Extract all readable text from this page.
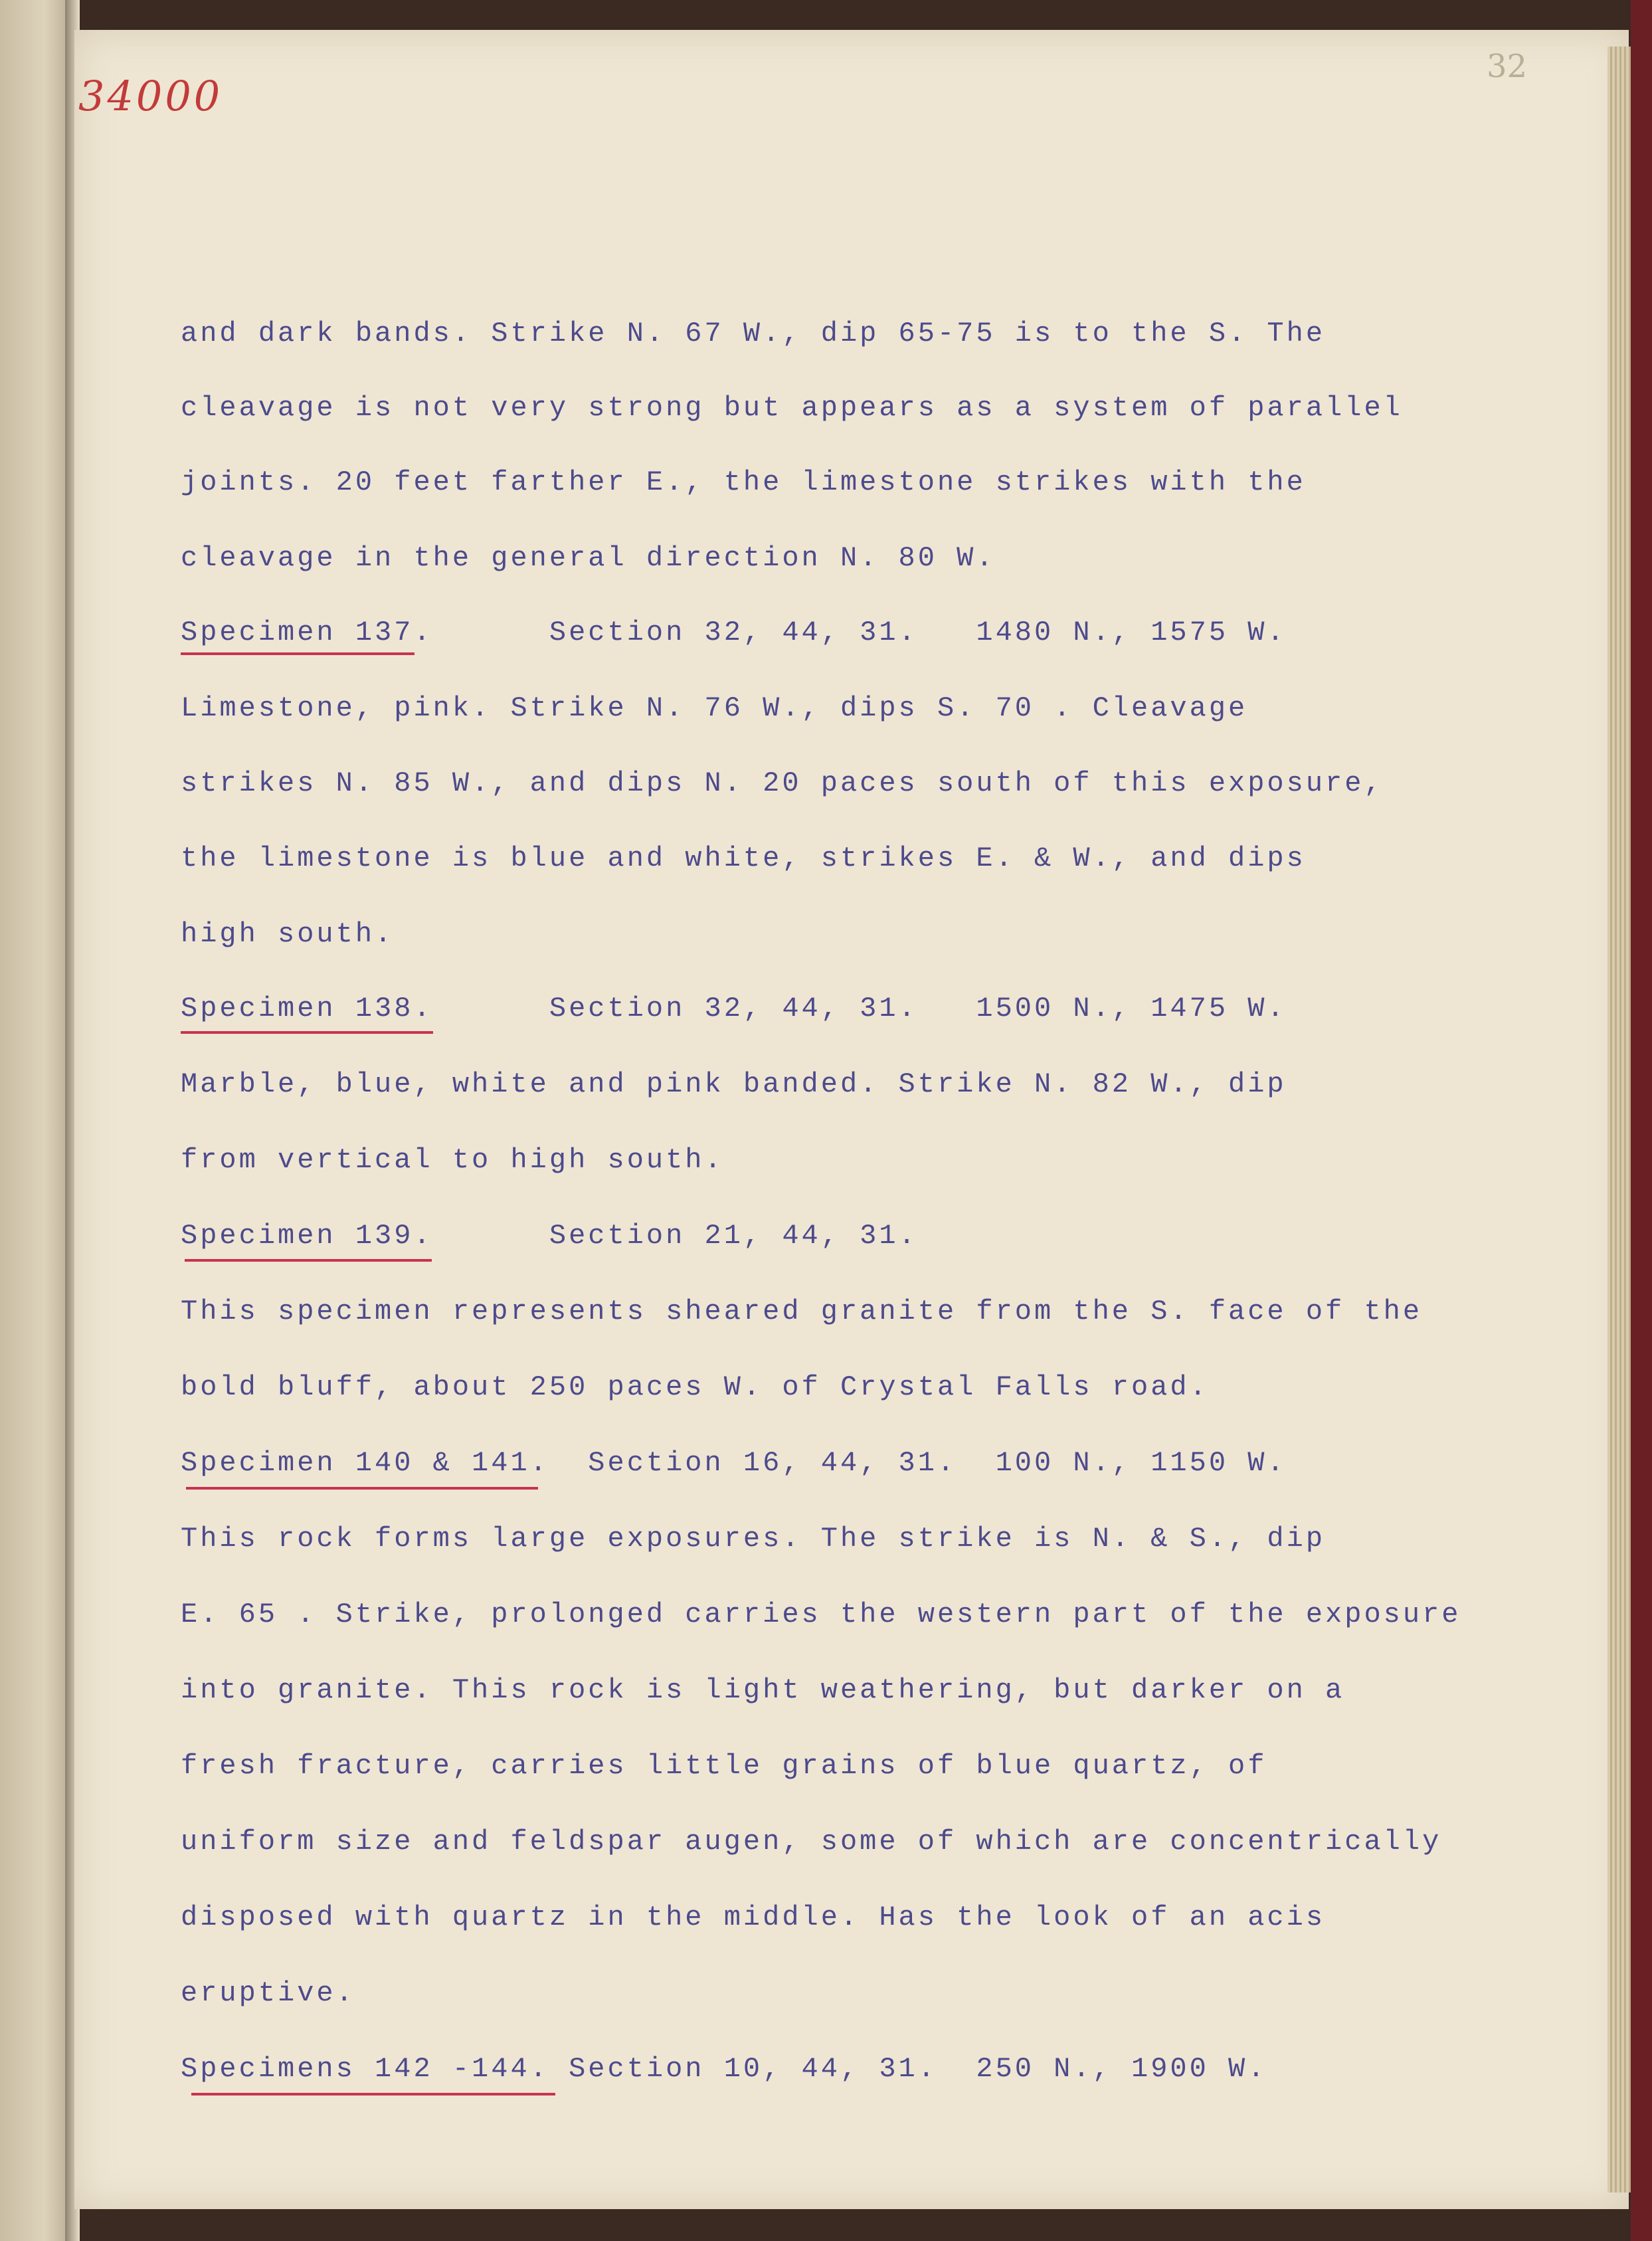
34000
32
and dark bands. Strike N. 67 W., dip 65-75 is to the S. The
cleavage is not very strong but appears as a system of parallel
joints. 20 feet farther E., the limestone strikes with the
cleavage in the general direction N. 80 W.
Specimen 137.      Section 32, 44, 31.   1480 N., 1575 W.
Limestone, pink. Strike N. 76 W., dips S. 70 . Cleavage
strikes N. 85 W., and dips N. 20 paces south of this exposure,
the limestone is blue and white, strikes E. & W., and dips
high south.
Specimen 138.      Section 32, 44, 31.   1500 N., 1475 W.
Marble, blue, white and pink banded. Strike N. 82 W., dip
from vertical to high south.
Specimen 139.      Section 21, 44, 31.
This specimen represents sheared granite from the S. face of the
bold bluff, about 250 paces W. of Crystal Falls road.
Specimen 140 & 141.  Section 16, 44, 31.  100 N., 1150 W.
This rock forms large exposures. The strike is N. & S., dip
E. 65 . Strike, prolonged carries the western part of the exposure
into granite. This rock is light weathering, but darker on a
fresh fracture, carries little grains of blue quartz, of
uniform size and feldspar augen, some of which are concentrically
disposed with quartz in the middle. Has the look of an acis
eruptive.
Specimens 142 -144. Section 10, 44, 31.  250 N., 1900 W.
